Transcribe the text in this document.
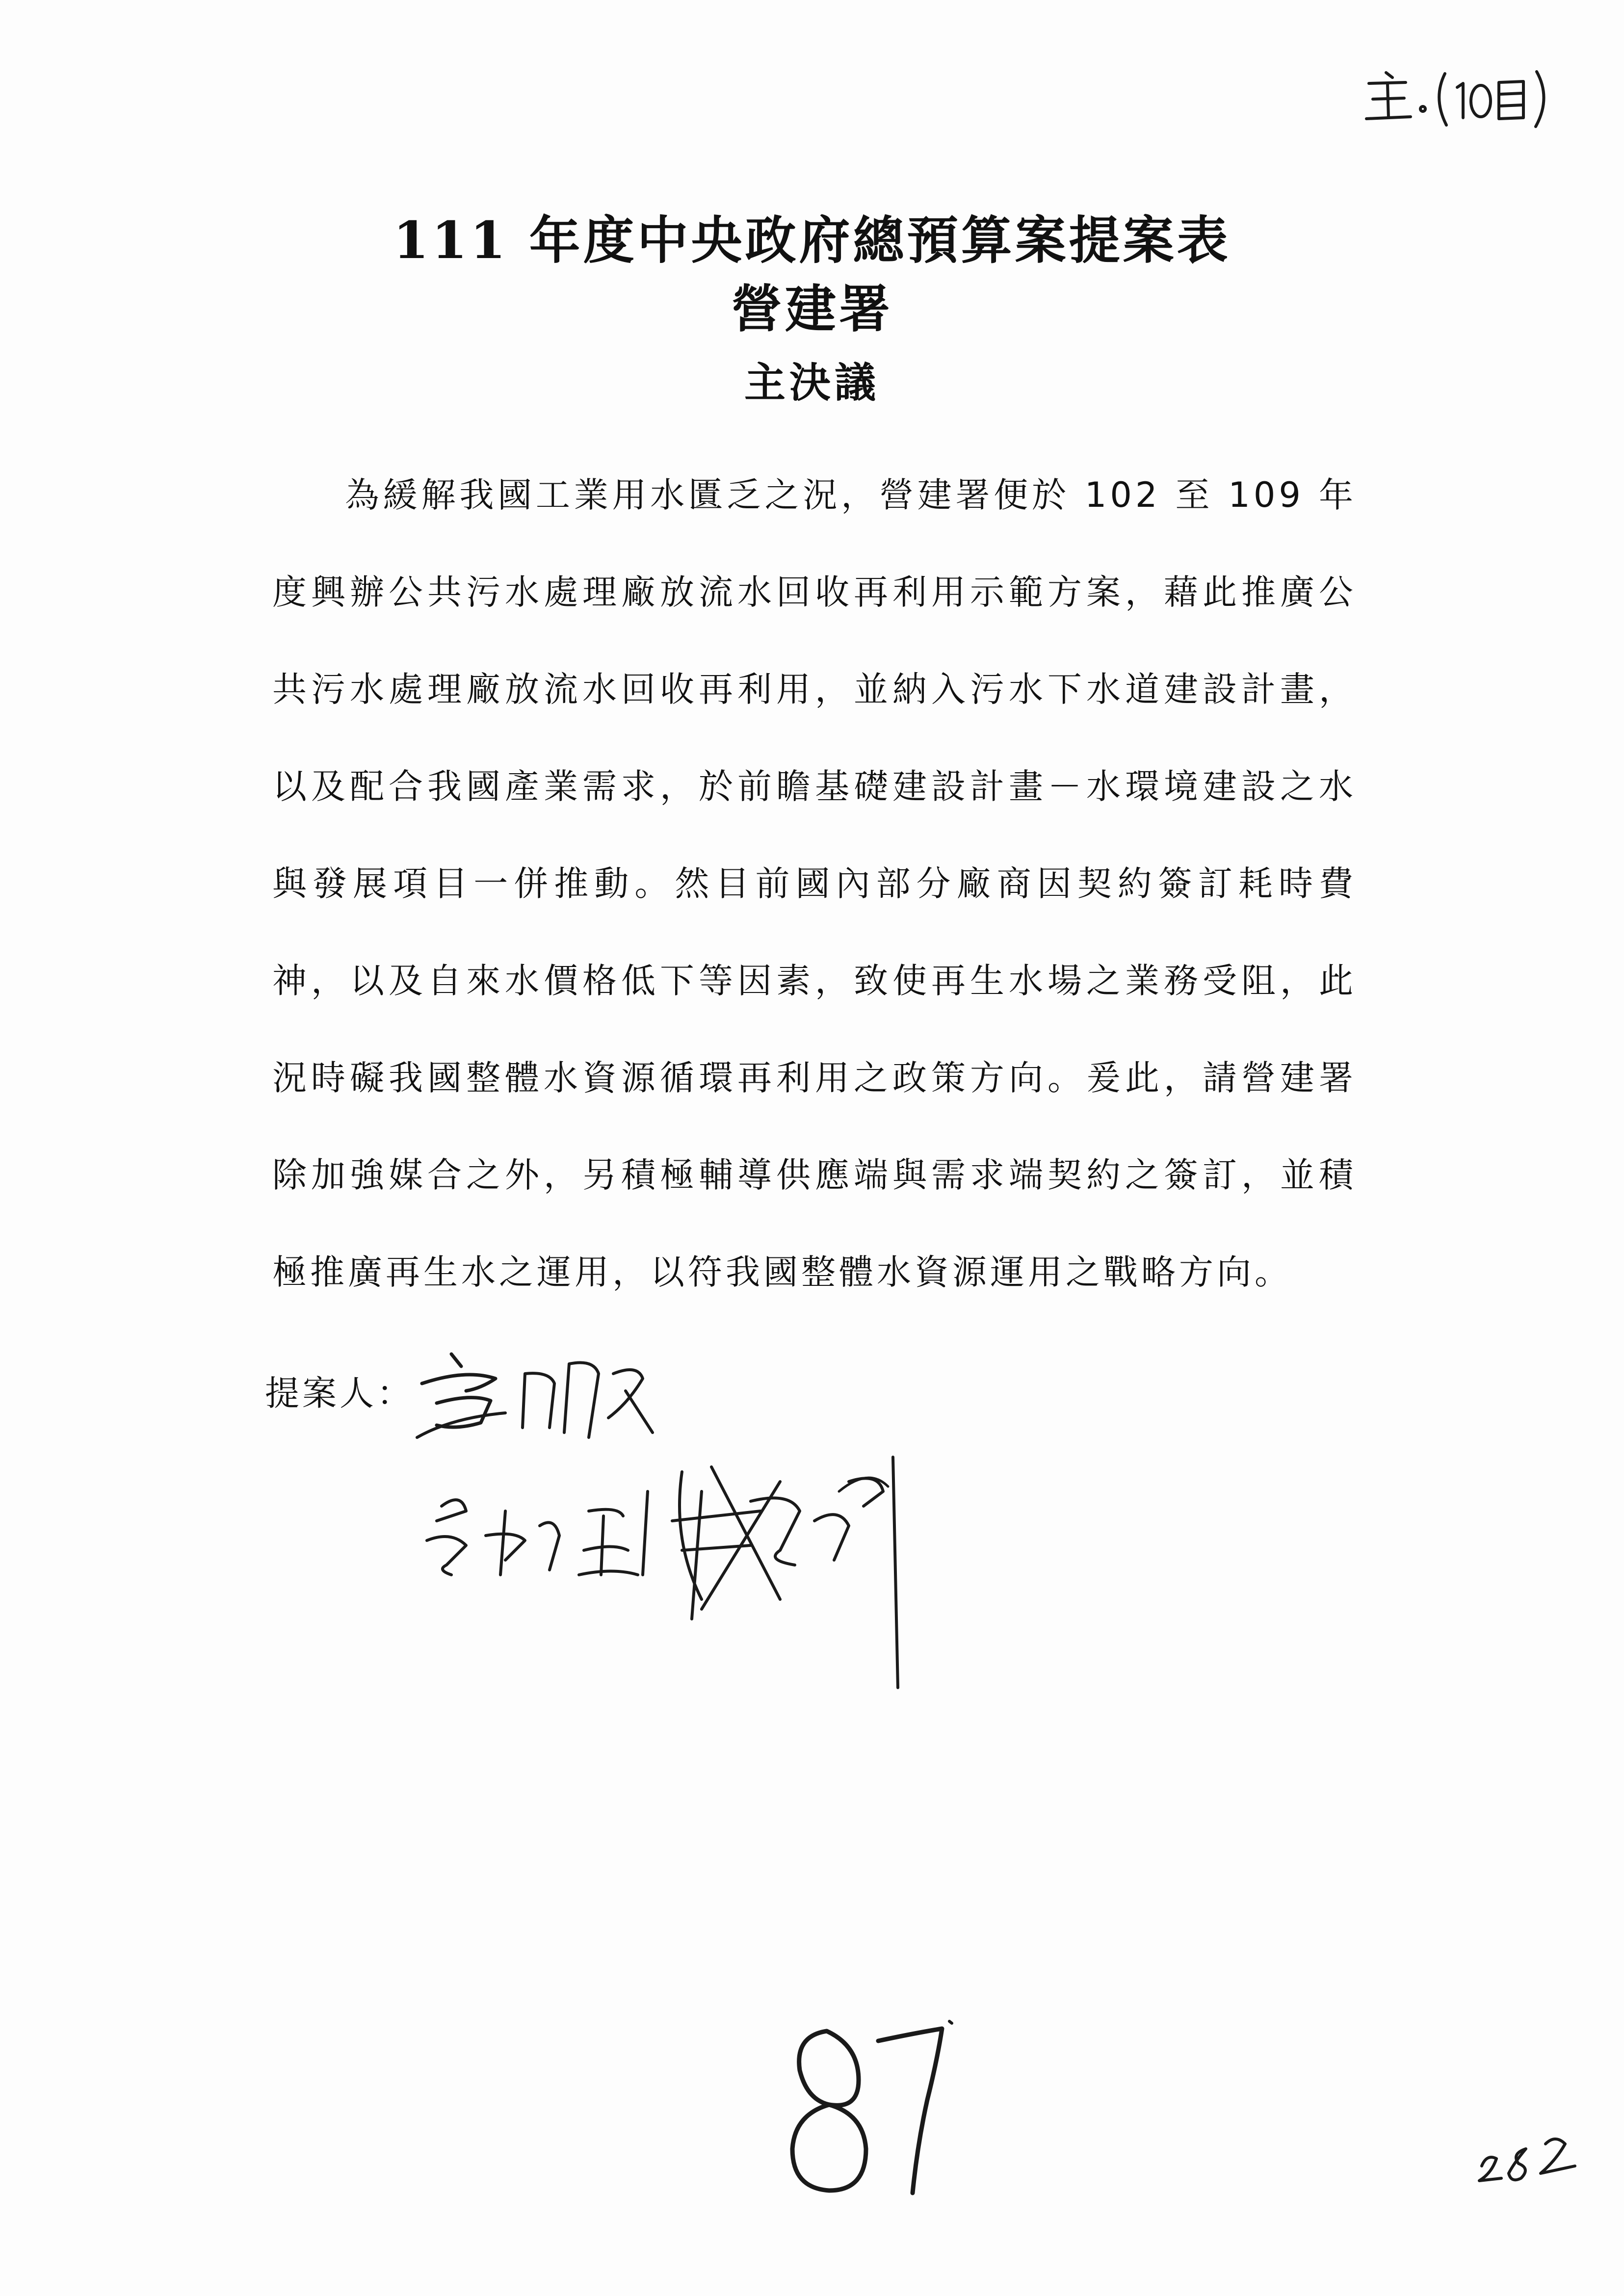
111 年度中央政府總預算案提案表
營建署
主決議

為緩解我國工業用水匱乏之況，營建署便於 102 至 109 年度興辦公共污水處理廠放流水回收再利用示範方案，藉此推廣公共污水處理廠放流水回收再利用，並納入污水下水道建設計畫，以及配合我國產業需求，於前瞻基礎建設計畫－水環境建設之水與發展項目一併推動。然目前國內部分廠商因契約簽訂耗時費神，以及自來水價格低下等因素，致使再生水場之業務受阻，此況時礙我國整體水資源循環再利用之政策方向。爰此，請營建署除加強媒合之外，另積極輔導供應端與需求端契約之簽訂，並積極推廣再生水之運用，以符我國整體水資源運用之戰略方向。

提案人：
